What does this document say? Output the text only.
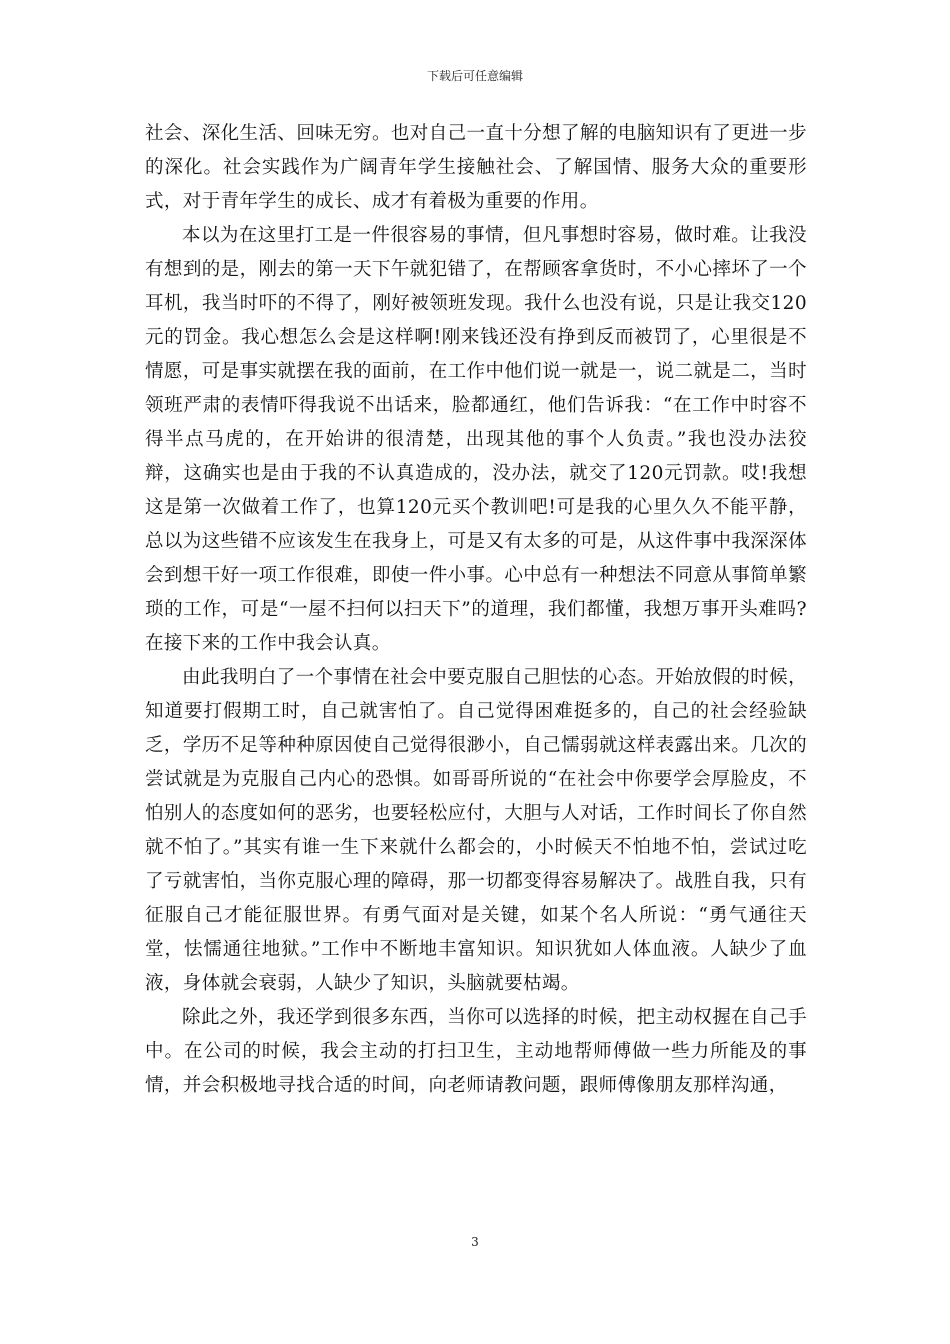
下载后可任意编辑

社会、深化生活、回味无穷。也对自己一直十分想了解的电脑知识有了更进一步的深化。社会实践作为广阔青年学生接触社会、了解国情、服务大众的重要形式，对于青年学生的成长、成才有着极为重要的作用。

本以为在这里打工是一件很容易的事情，但凡事想时容易，做时难。让我没有想到的是，刚去的第一天下午就犯错了，在帮顾客拿货时，不小心摔坏了一个耳机，我当时吓的不得了，刚好被领班发现。我什么也没有说，只是让我交120元的罚金。我心想怎么会是这样啊!刚来钱还没有挣到反而被罚了，心里很是不情愿，可是事实就摆在我的面前，在工作中他们说一就是一，说二就是二，当时领班严肃的表情吓得我说不出话来，脸都通红，他们告诉我：“在工作中时容不得半点马虎的，在开始讲的很清楚，出现其他的事个人负责。”我也没办法狡辩，这确实也是由于我的不认真造成的，没办法，就交了120元罚款。哎!我想这是第一次做着工作了，也算120元买个教训吧!可是我的心里久久不能平静，总以为这些错不应该发生在我身上，可是又有太多的可是，从这件事中我深深体会到想干好一项工作很难，即使一件小事。心中总有一种想法不同意从事简单繁琐的工作，可是“一屋不扫何以扫天下”的道理，我们都懂，我想万事开头难吗?在接下来的工作中我会认真。

由此我明白了一个事情在社会中要克服自己胆怯的心态。开始放假的时候，知道要打假期工时，自己就害怕了。自己觉得困难挺多的，自己的社会经验缺乏，学历不足等种种原因使自己觉得很渺小，自己懦弱就这样表露出来。几次的尝试就是为克服自己内心的恐惧。如哥哥所说的“在社会中你要学会厚脸皮，不怕别人的态度如何的恶劣，也要轻松应付，大胆与人对话，工作时间长了你自然就不怕了。”其实有谁一生下来就什么都会的，小时候天不怕地不怕，尝试过吃了亏就害怕，当你克服心理的障碍，那一切都变得容易解决了。战胜自我，只有征服自己才能征服世界。有勇气面对是关键，如某个名人所说：“勇气通往天堂，怯懦通往地狱。”工作中不断地丰富知识。知识犹如人体血液。人缺少了血液，身体就会衰弱，人缺少了知识，头脑就要枯竭。

除此之外，我还学到很多东西，当你可以选择的时候，把主动权握在自己手中。在公司的时候，我会主动的打扫卫生，主动地帮师傅做一些力所能及的事情，并会积极地寻找合适的时间，向老师请教问题，跟师傅像朋友那样沟通，

3
